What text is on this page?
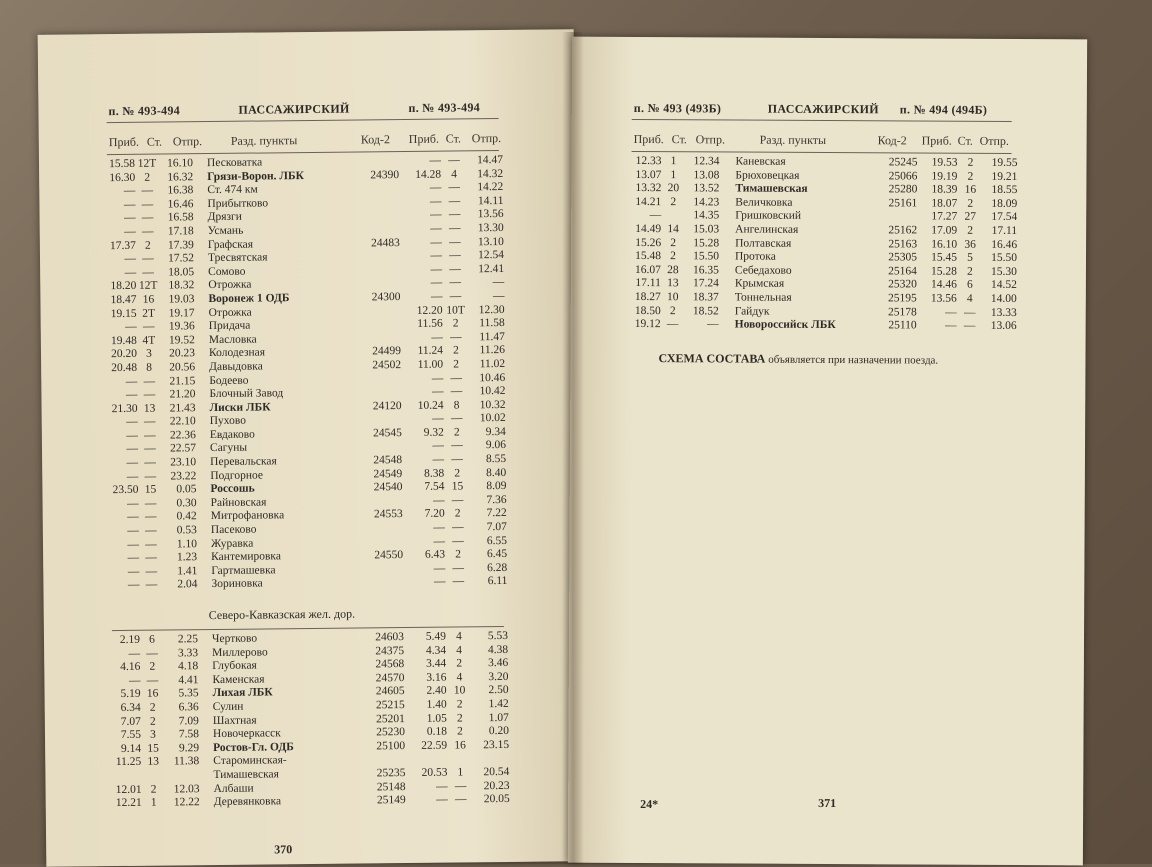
п. № 493-494	ПАССАЖИРСКИЙ	п. № 493-494
Приб. Ст. Отпр. Разд. пункты	Код-2 Приб. Ст. Отпр.
15.58 12Т 16.10 Песковатка	— —	14.47
16.30 2	16.32 Грязи-Ворон. ЛБК	24390	14.28 4	14.32
— —	16.38 Ст. 474 км	— —	14.22
— —	16.46 Прибытково	— —	14.11
— —	16.58 Дрязги	— —	13.56
— —	17.18 Усмань	— —	13.30
17.37 2	17.39 Графская	24483	— —	13.10
— —	17.52 Тресвятская	— —	12.54
— —	18.05 Сомово	— —	12.41
18.20 12Т 18.32 Отрожка	— —	—
18.47 16	19.03 Воронеж 1 ОДБ	24300	— —	—
19.15 2Т	19.17 Отрожка	12.20 10Т	12.30
— —	19.36 Придача	11.56 2	11.58
19.48 4Т	19.52 Масловка	— —	11.47
20.20 3	20.23 Колодезная	24499	11.24 2	11.26
20.48 8	20.56 Давыдовка	24502	11.00 2	11.02
— —	21.15 Бодеево	— —	10.46
— —	21.20 Блочный Завод	— —	10.42
21.30 13	21.43 Лиски ЛБК	24120	10.24 8	10.32
— —	22.10 Пухово	— —	10.02
— —	22.36 Евдаково	24545	9.32 2	9.34
— —	22.57 Сагуны	— —	9.06
— —	23.10 Перевальская	24548	— —	8.55
— —	23.22 Подгорное	24549	8.38 2	8.40
23.50 15	0.05 Россошь	24540	7.54 15	8.09
— —	0.30 Райновская	— —	7.36
— —	0.42 Митрофановка	24553	7.20 2	7.22
— —	0.53 Пасеково	— —	7.07
— —	1.10 Журавка	— —	6.55
— —	1.23 Кантемировка	24550	6.43 2	6.45
— —	1.41 Гартмашевка	— —	6.28
— —	2.04 Зориновка	— —	6.11
Северо-Кавказская жел. дор.
2.19 6	2.25 Чертково	24603	5.49 4	5.53
— —	3.33 Миллерово	24375	4.34 4	4.38
4.16 2	4.18 Глубокая	24568	3.44 2	3.46
— —	4.41 Каменская	24570	3.16 4	3.20
5.19 16	5.35 Лихая ЛБК	24605	2.40 10	2.50
6.34 2	6.36 Сулин	25215	1.40 2	1.42
7.07 2	7.09 Шахтная	25201	1.05 2	1.07
7.55 3	7.58 Новочеркасск	25230	0.18 2	0.20
9.14 15	9.29 Ростов-Гл. ОДБ	25100	22.59 16	23.15
11.25 13	11.38 Староминская-
Тимашевская	25235	20.53 1	20.54
12.01 2	12.03 Албаши	25148	— —	20.23
12.21 1	12.22 Деревянковка	25149	— —	20.05
370
п. № 493 (493Б)	ПАССАЖИРСКИЙ п. № 494 (494Б)
Приб. Ст. Отпр.	Разд. пункты	Код-2 Приб. Ст. Отпр.
12.33 1	12.34 Каневская	25245	19.53 2	19.55
13.07 1	13.08 Брюховецкая	25066	19.19 2	19.21
13.32 20	13.52 Тимашевская	25280	18.39 16	18.55
14.21 2	14.23 Величковка	25161	18.07 2	18.09
—	14.35 Гришковский	17.27 27	17.54
14.49 14	15.03 Ангелинская	25162	17.09 2	17.11
15.26 2	15.28 Полтавская	25163	16.10 36	16.46
15.48 2	15.50 Протока	25305	15.45 5	15.50
16.07 28	16.35 Себедахово	25164	15.28 2	15.30
17.11 13	17.24 Крымская	25320	14.46 6	14.52
18.27 10	18.37 Тоннельная	25195	13.56 4	14.00
18.50 2	18.52 Гайдук	25178	— —	13.33
19.12 —	— Новороссийск ЛБК	25110	— —	13.06
СХЕМА СОСТАВА объявляется при назначении поезда.
24*	371
